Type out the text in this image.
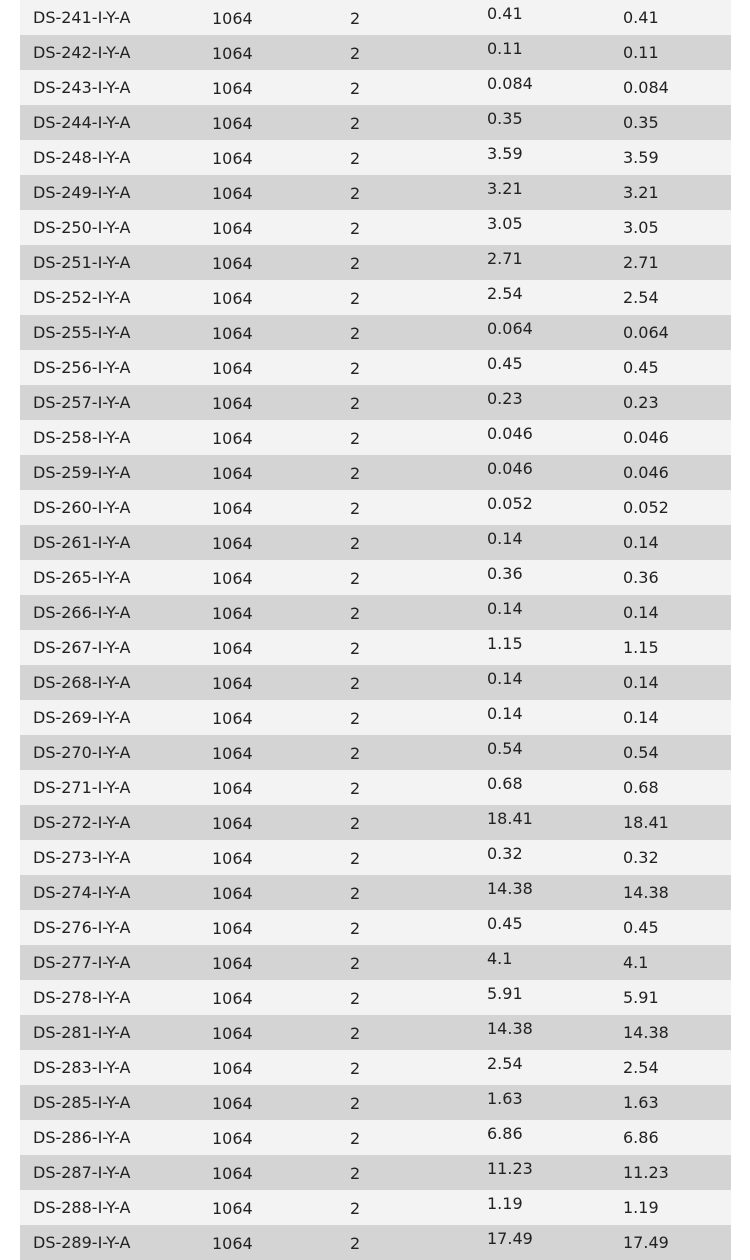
DS-241-I-Y-A	1064	2	0.41	0.41
DS-242-I-Y-A	1064	2	0.11	0.11
DS-243-I-Y-A	1064	2	0.084	0.084
DS-244-I-Y-A	1064	2	0.35	0.35
DS-248-I-Y-A	1064	2	3.59	3.59
DS-249-I-Y-A	1064	2	3.21	3.21
DS-250-I-Y-A	1064	2	3.05	3.05
DS-251-I-Y-A	1064	2	2.71	2.71
DS-252-I-Y-A	1064	2	2.54	2.54
DS-255-I-Y-A	1064	2	0.064	0.064
DS-256-I-Y-A	1064	2	0.45	0.45
DS-257-I-Y-A	1064	2	0.23	0.23
DS-258-I-Y-A	1064	2	0.046	0.046
DS-259-I-Y-A	1064	2	0.046	0.046
DS-260-I-Y-A	1064	2	0.052	0.052
DS-261-I-Y-A	1064	2	0.14	0.14
DS-265-I-Y-A	1064	2	0.36	0.36
DS-266-I-Y-A	1064	2	0.14	0.14
DS-267-I-Y-A	1064	2	1.15	1.15
DS-268-I-Y-A	1064	2	0.14	0.14
DS-269-I-Y-A	1064	2	0.14	0.14
DS-270-I-Y-A	1064	2	0.54	0.54
DS-271-I-Y-A	1064	2	0.68	0.68
DS-272-I-Y-A	1064	2	18.41	18.41
DS-273-I-Y-A	1064	2	0.32	0.32
DS-274-I-Y-A	1064	2	14.38	14.38
DS-276-I-Y-A	1064	2	0.45	0.45
DS-277-I-Y-A	1064	2	4.1	4.1
DS-278-I-Y-A	1064	2	5.91	5.91
DS-281-I-Y-A	1064	2	14.38	14.38
DS-283-I-Y-A	1064	2	2.54	2.54
DS-285-I-Y-A	1064	2	1.63	1.63
DS-286-I-Y-A	1064	2	6.86	6.86
DS-287-I-Y-A	1064	2	11.23	11.23
DS-288-I-Y-A	1064	2	1.19	1.19
DS-289-I-Y-A	1064	2	17.49	17.49
